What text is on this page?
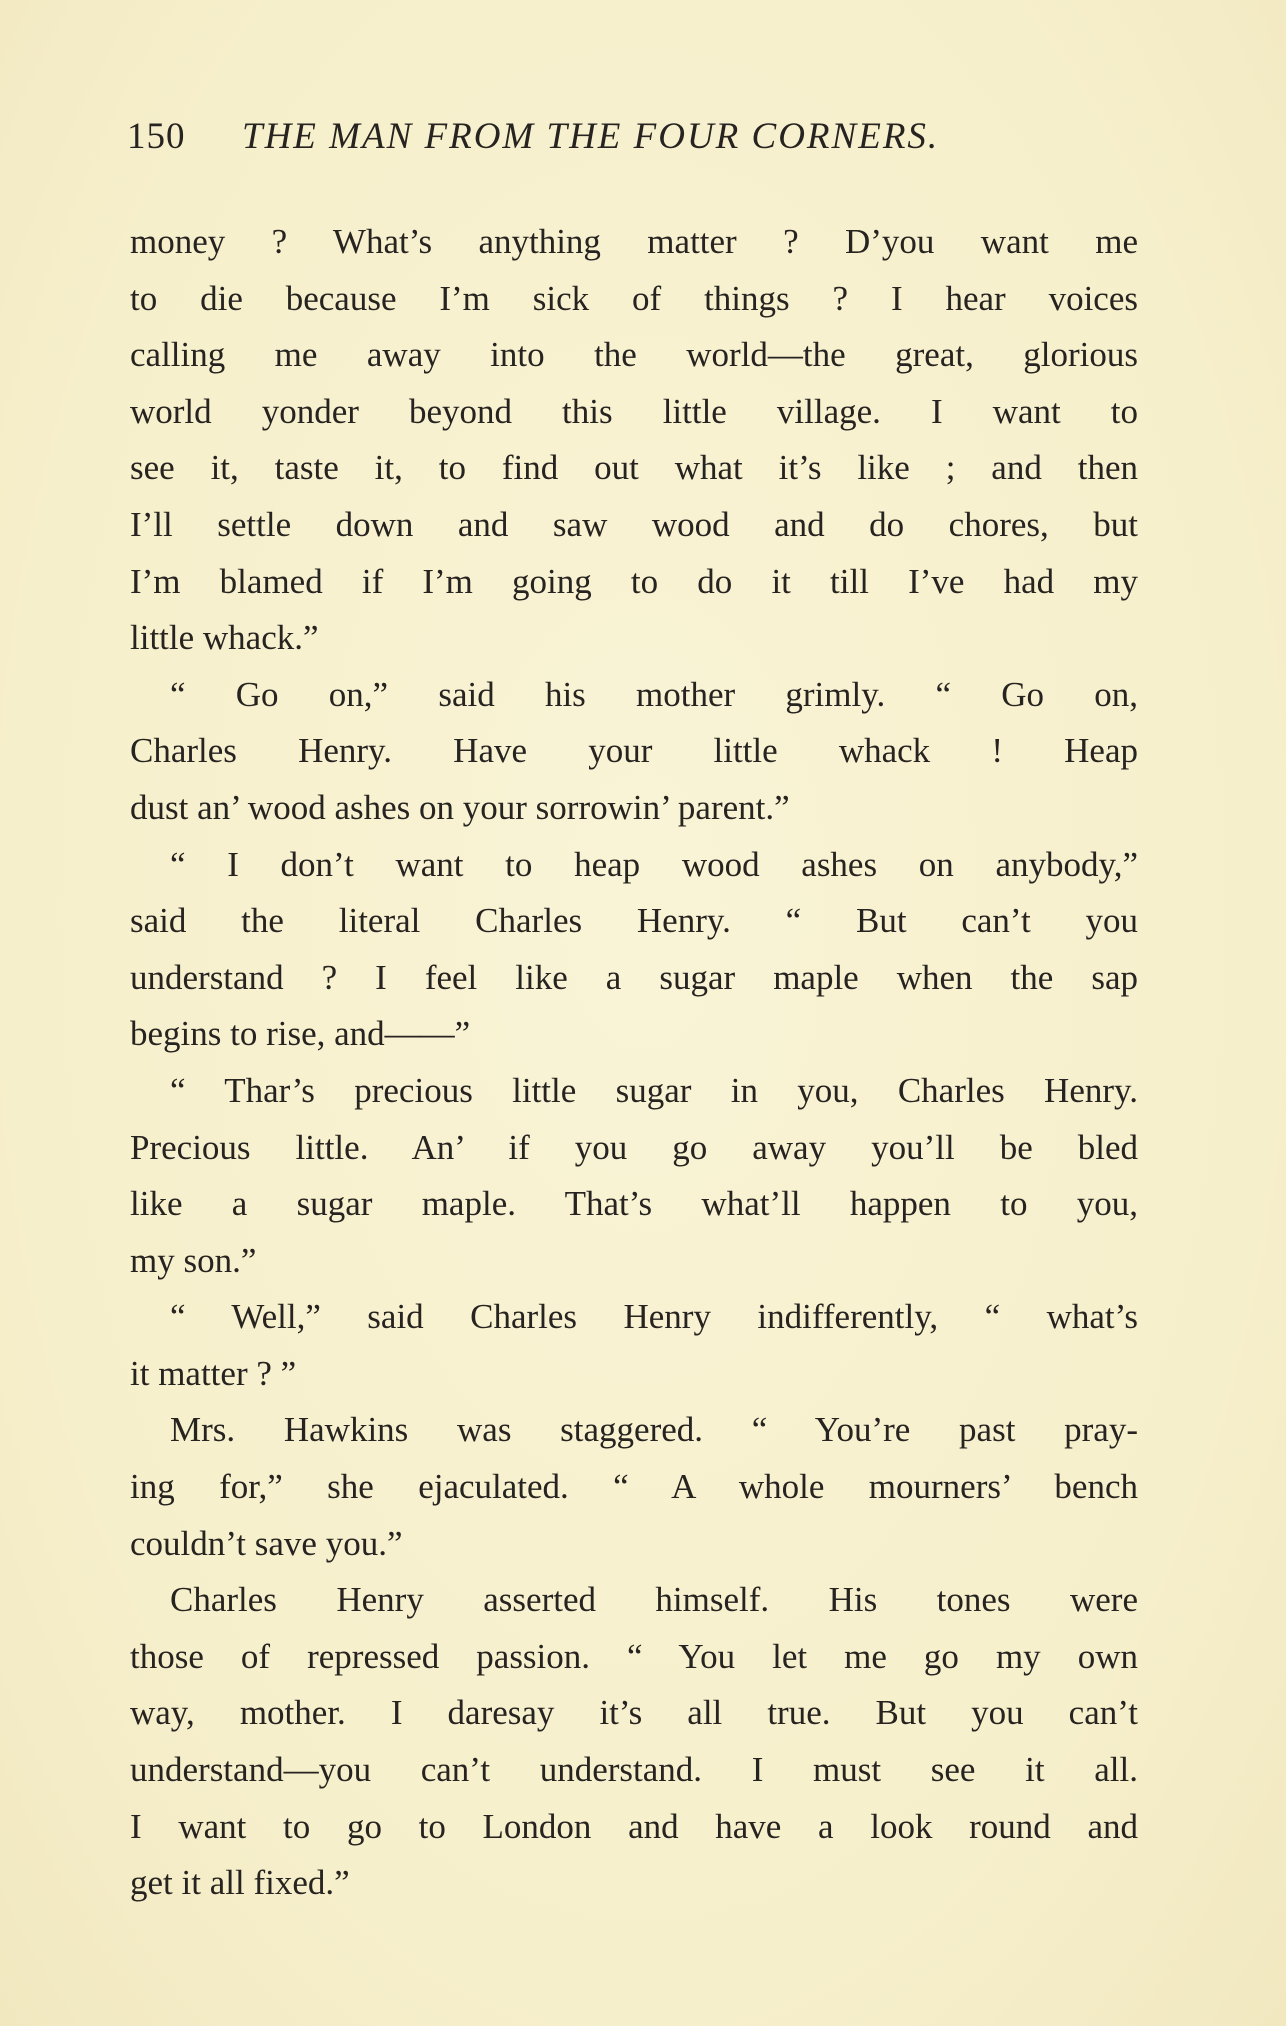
150 THE MAN FROM THE FOUR CORNERS.
money ? What’s anything matter ? D’you want me
to die because I’m sick of things ? I hear voices
calling me away into the world—the great, glorious
world yonder beyond this little village. I want to
see it, taste it, to find out what it’s like ; and then
I’ll settle down and saw wood and do chores, but
I’m blamed if I’m going to do it till I’ve had my
little whack.”
“ Go on,” said his mother grimly. “ Go on,
Charles Henry. Have your little whack ! Heap
dust an’ wood ashes on your sorrowin’ parent.”
“ I don’t want to heap wood ashes on anybody,”
said the literal Charles Henry. “ But can’t you
understand ? I feel like a sugar maple when the sap
begins to rise, and——”
“ Thar’s precious little sugar in you, Charles Henry.
Precious little. An’ if you go away you’ll be bled
like a sugar maple. That’s what’ll happen to you,
my son.”
“ Well,” said Charles Henry indifferently, “ what’s
it matter ? ”
Mrs. Hawkins was staggered. “ You’re past pray-
ing for,” she ejaculated. “ A whole mourners’ bench
couldn’t save you.”
Charles Henry asserted himself. His tones were
those of repressed passion. “ You let me go my own
way, mother. I daresay it’s all true. But you can’t
understand—you can’t understand. I must see it all.
I want to go to London and have a look round and
get it all fixed.”
